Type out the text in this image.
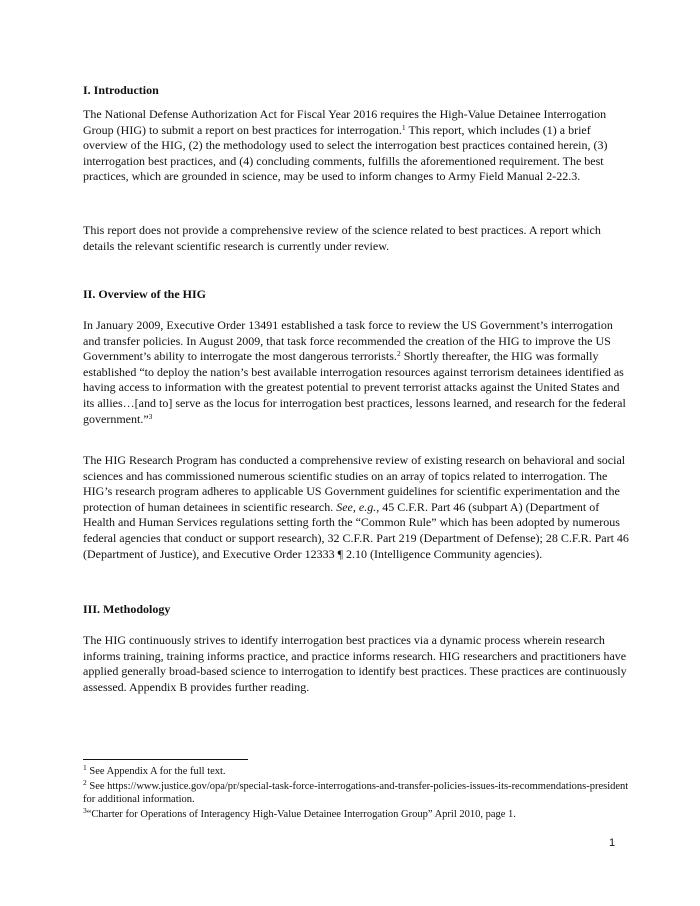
I. Introduction

The National Defense Authorization Act for Fiscal Year 2016 requires the High-Value Detainee Interrogation Group (HIG) to submit a report on best practices for interrogation.$^1$ This report, which includes (1) a brief overview of the HIG, (2) the methodology used to select the interrogation best practices contained herein, (3) interrogation best practices, and (4) concluding comments, fulfills the aforementioned requirement. The best practices, which are grounded in science, may be used to inform changes to Army Field Manual 2-22.3.

This report does not provide a comprehensive review of the science related to best practices. A report which details the relevant scientific research is currently under review.

II. Overview of the HIG

In January 2009, Executive Order 13491 established a task force to review the US Government’s interrogation and transfer policies. In August 2009, that task force recommended the creation of the HIG to improve the US Government’s ability to interrogate the most dangerous terrorists.$^2$ Shortly thereafter, the HIG was formally established “to deploy the nation’s best available interrogation resources against terrorism detainees identified as having access to information with the greatest potential to prevent terrorist attacks against the United States and its allies…[and to] serve as the locus for interrogation best practices, lessons learned, and research for the federal government.”$^3$

The HIG Research Program has conducted a comprehensive review of existing research on behavioral and social sciences and has commissioned numerous scientific studies on an array of topics related to interrogation. The HIG’s research program adheres to applicable US Government guidelines for scientific experimentation and the protection of human detainees in scientific research. See, e.g., 45 C.F.R. Part 46 (subpart A) (Department of Health and Human Services regulations setting forth the “Common Rule” which has been adopted by numerous federal agencies that conduct or support research), 32 C.F.R. Part 219 (Department of Defense); 28 C.F.R. Part 46 (Department of Justice), and Executive Order 12333 ¶ 2.10 (Intelligence Community agencies).

III. Methodology

The HIG continuously strives to identify interrogation best practices via a dynamic process wherein research informs training, training informs practice, and practice informs research. HIG researchers and practitioners have applied generally broad-based science to interrogation to identify best practices. These practices are continuously assessed. Appendix B provides further reading.

$^1$ See Appendix A for the full text.

$^2$ See https://www.justice.gov/opa/pr/special-task-force-interrogations-and-transfer-policies-issues-its-recommendations-president for additional information.

$^3$“Charter for Operations of Interagency High-Value Detainee Interrogation Group” April 2010, page 1.

1
